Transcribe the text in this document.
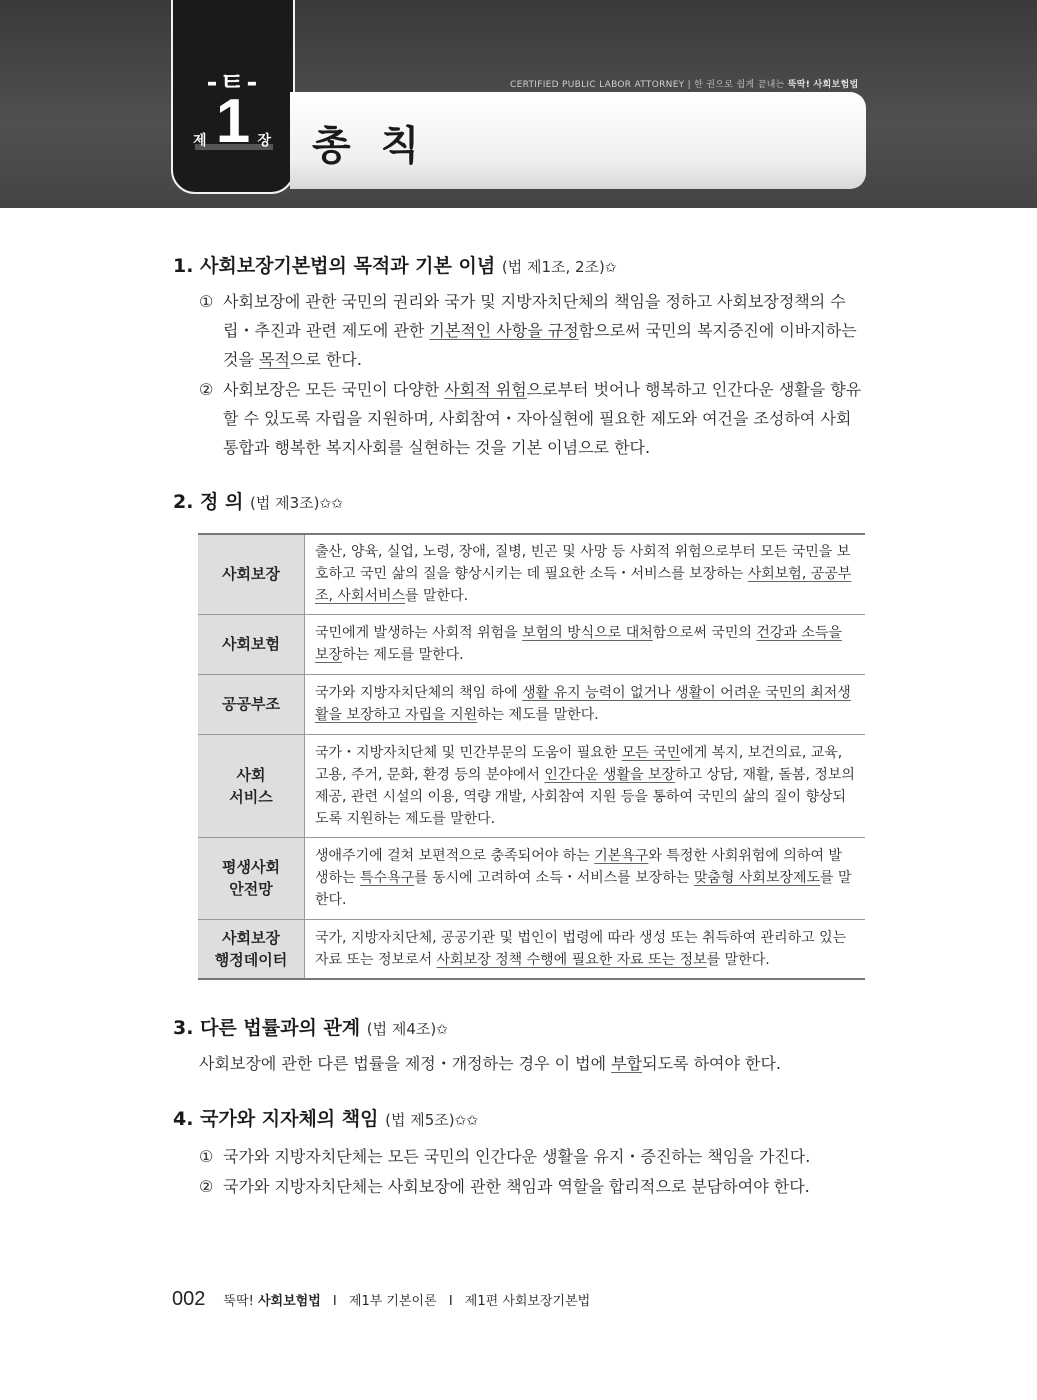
-ㅌ-
제 1 장
CERTIFIED PUBLIC LABOR ATTORNEY | 한 권으로 쉽게 끝내는 뚝딱! 사회보험법
총 칙
1. 사회보장기본법의 목적과 기본 이념 (법 제1조, 2조)✩
① 사회보장에 관한 국민의 권리와 국가 및 지방자치단체의 책임을 정하고 사회보장정책의 수립・추진과 관련 제도에 관한 기본적인 사항을 규정함으로써 국민의 복지증진에 이바지하는 것을 목적으로 한다.
② 사회보장은 모든 국민이 다양한 사회적 위험으로부터 벗어나 행복하고 인간다운 생활을 향유할 수 있도록 자립을 지원하며, 사회참여・자아실현에 필요한 제도와 여건을 조성하여 사회통합과 행복한 복지사회를 실현하는 것을 기본 이념으로 한다.
2. 정 의 (법 제3조)✩✩
사회보장	출산, 양육, 실업, 노령, 장애, 질병, 빈곤 및 사망 등 사회적 위험으로부터 모든 국민을 보호하고 국민 삶의 질을 향상시키는 데 필요한 소득・서비스를 보장하는 사회보험, 공공부조, 사회서비스를 말한다.
사회보험	국민에게 발생하는 사회적 위험을 보험의 방식으로 대처함으로써 국민의 건강과 소득을 보장하는 제도를 말한다.
공공부조	국가와 지방자치단체의 책임 하에 생활 유지 능력이 없거나 생활이 어려운 국민의 최저생활을 보장하고 자립을 지원하는 제도를 말한다.
사회
서비스	국가・지방자치단체 및 민간부문의 도움이 필요한 모든 국민에게 복지, 보건의료, 교육, 고용, 주거, 문화, 환경 등의 분야에서 인간다운 생활을 보장하고 상담, 재활, 돌봄, 정보의 제공, 관련 시설의 이용, 역량 개발, 사회참여 지원 등을 통하여 국민의 삶의 질이 향상되도록 지원하는 제도를 말한다.
평생사회
안전망	생애주기에 걸쳐 보편적으로 충족되어야 하는 기본욕구와 특정한 사회위험에 의하여 발생하는 특수욕구를 동시에 고려하여 소득・서비스를 보장하는 맞춤형 사회보장제도를 말한다.
사회보장
행정데이터	국가, 지방자치단체, 공공기관 및 법인이 법령에 따라 생성 또는 취득하여 관리하고 있는 자료 또는 정보로서 사회보장 정책 수행에 필요한 자료 또는 정보를 말한다.
3. 다른 법률과의 관계 (법 제4조)✩
사회보장에 관한 다른 법률을 제정・개정하는 경우 이 법에 부합되도록 하여야 한다.
4. 국가와 지자체의 책임 (법 제5조)✩✩
① 국가와 지방자치단체는 모든 국민의 인간다운 생활을 유지・증진하는 책임을 가진다.
② 국가와 지방자치단체는 사회보장에 관한 책임과 역할을 합리적으로 분담하여야 한다.
002 뚝딱! 사회보험법 I 제1부 기본이론 I 제1편 사회보장기본법
